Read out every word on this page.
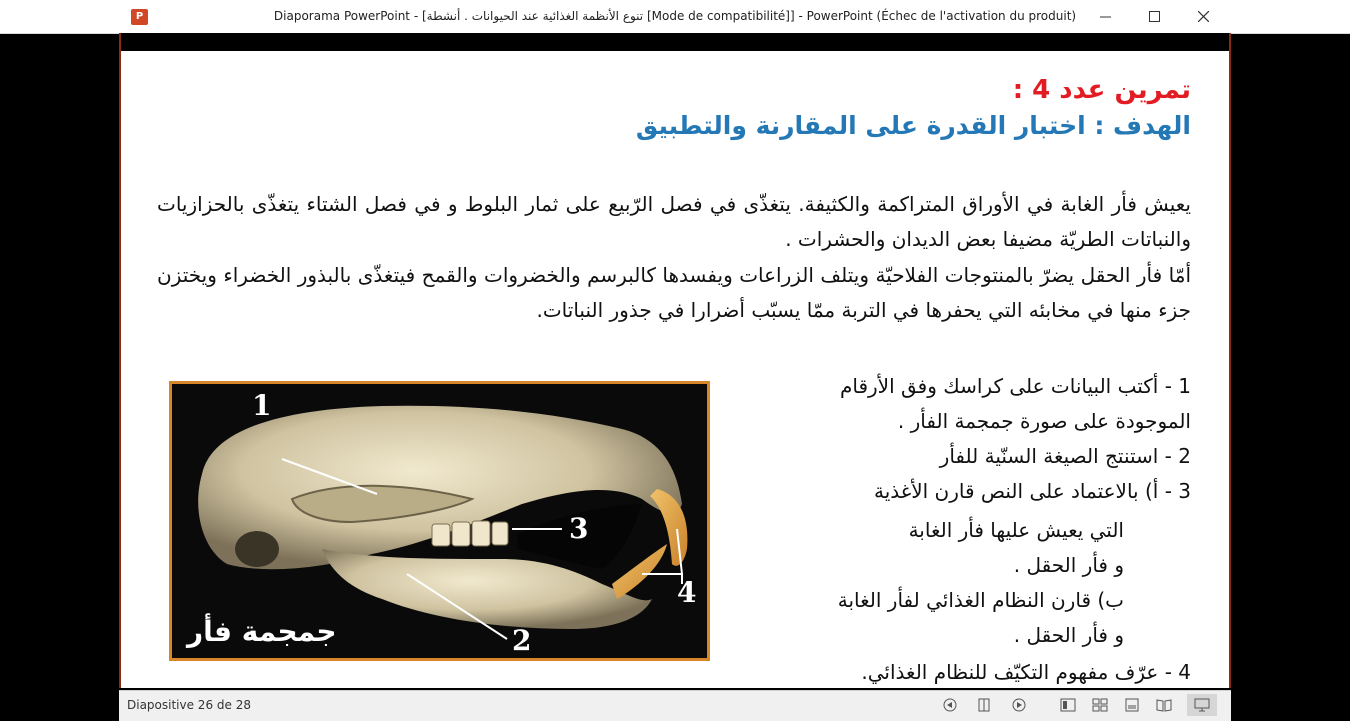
P	Diaporama PowerPoint - [تنوع الأنظمة الغذائية عند الحيوانات . أنشطة [Mode de compatibilité]] - PowerPoint (Échec de l'activation du produit)
تمرين عدد 4 :
الهدف : اختبار القدرة على المقارنة والتطبيق
يعيش فأر الغابة في الأوراق المتراكمة والكثيفة. يتغذّى في فصل الرّبيع على ثمار البلوط و في فصل الشتاء يتغذّى بالحزازيات والنباتات الطريّة مضيفا بعض الديدان والحشرات .
أمّا فأر الحقل يضرّ بالمنتوجات الفلاحيّة ويتلف الزراعات ويفسدها كالبرسم والخضروات والقمح فيتغذّى بالبذور الخضراء ويختزن جزء منها في مخابئه التي يحفرها في التربة ممّا يسبّب أضرارا في جذور النباتات.
1 - أكتب البيانات على كراسك وفق الأرقام
الموجودة على صورة جمجمة الفأر .
2 - استنتج الصيغة السنّية للفأر
3 - أ) بالاعتماد على النص قارن الأغذية
التي يعيش عليها فأر الغابة
و فأر الحقل .
ب) قارن النظام الغذائي لفأر الغابة
و فأر الحقل .
4 - عرّف مفهوم التكيّف للنظام الغذائي.
1
2
3
4
جمجمة فأر
Diapositive 26 de 28
